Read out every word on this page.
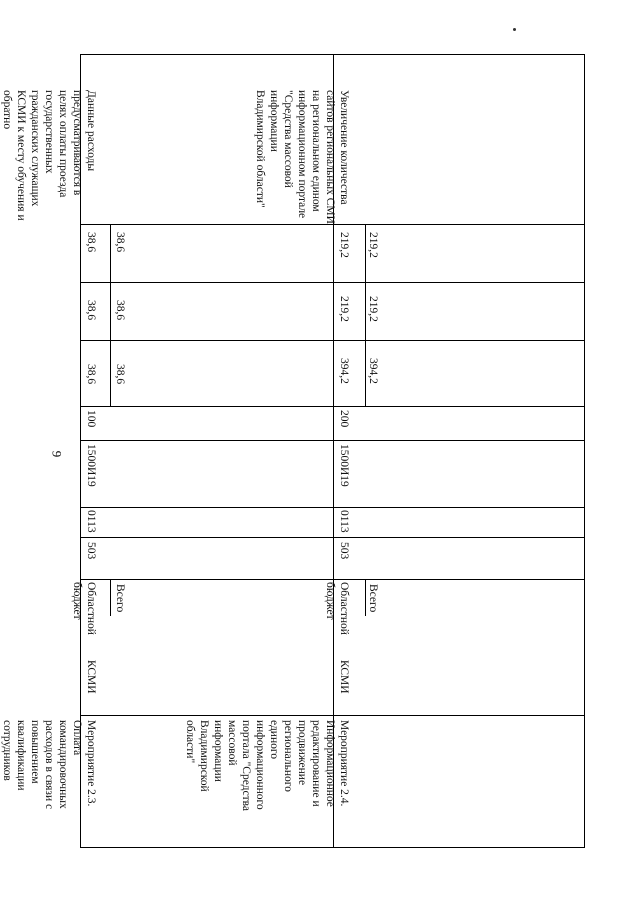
9
Мероприятие 2.3.
Оплата
командировочных
расходов в связи с
повышением
квалификации
сотрудников

КСМИ
Областной
бюджет	Всего
503
0113
1500И19
100
38,6 38,6
38,6 38,6
38,6 38,6
Данные расходы
предусматриваются в
целях оплаты проезда
государственных
гражданских служащих
КСМИ к месту обучения и
обратно
Мероприятие 2.4.
Информационное
редактирование и
продвижение
регионального
единого
информационного
портала "Средства
массовой
информации
Владимирской
области"
КСМИ
Областной
бюджет	Всего
503
0113
1500И19
200
394,2 394,2
219,2 219,2
219,2 219,2
Увеличение количества
сайтов региональных СМИ
на региональном едином
информационном портале
"Средства массовой
информации
Владимирской области"
